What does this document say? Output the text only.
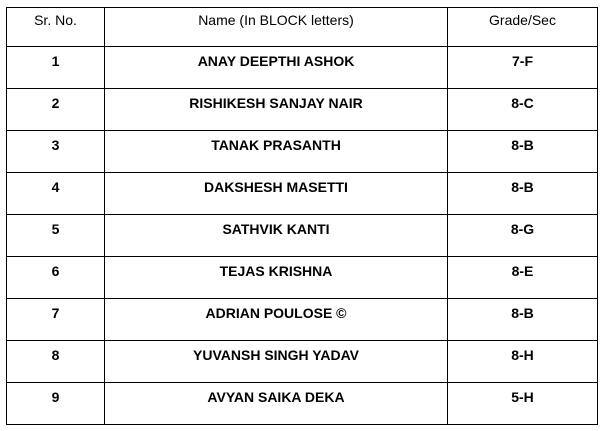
Sr. No.	Name (In BLOCK letters)	Grade/Sec
1	ANAY DEEPTHI ASHOK	7-F
2	RISHIKESH SANJAY NAIR	8-C
3	TANAK PRASANTH	8-B
4	DAKSHESH MASETTI	8-B
5	SATHVIK KANTI	8-G
6	TEJAS KRISHNA	8-E
7	ADRIAN POULOSE ©	8-B
8	YUVANSH SINGH YADAV	8-H
9	AVYAN SAIKA DEKA	5-H
